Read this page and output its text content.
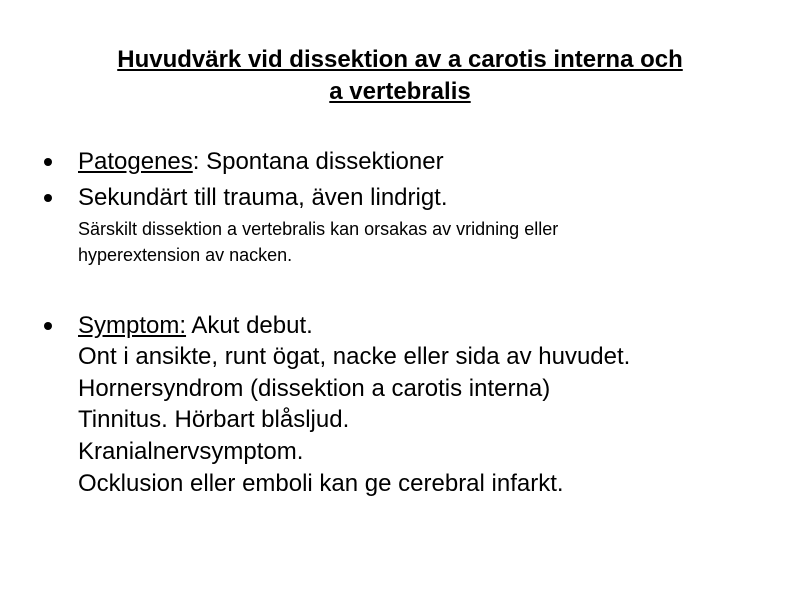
Huvudvärk vid dissektion av a carotis interna och
a vertebralis
Patogenes: Spontana dissektioner
Sekundärt till trauma, även lindrigt.
Särskilt dissektion a vertebralis kan orsakas av vridning eller
hyperextension av nacken.
Symptom: Akut debut.
Ont i ansikte, runt ögat, nacke eller sida av huvudet.
Hornersyndrom (dissektion a carotis interna)
Tinnitus. Hörbart blåsljud.
Kranialnervsymptom.
Ocklusion eller emboli kan ge cerebral infarkt.
